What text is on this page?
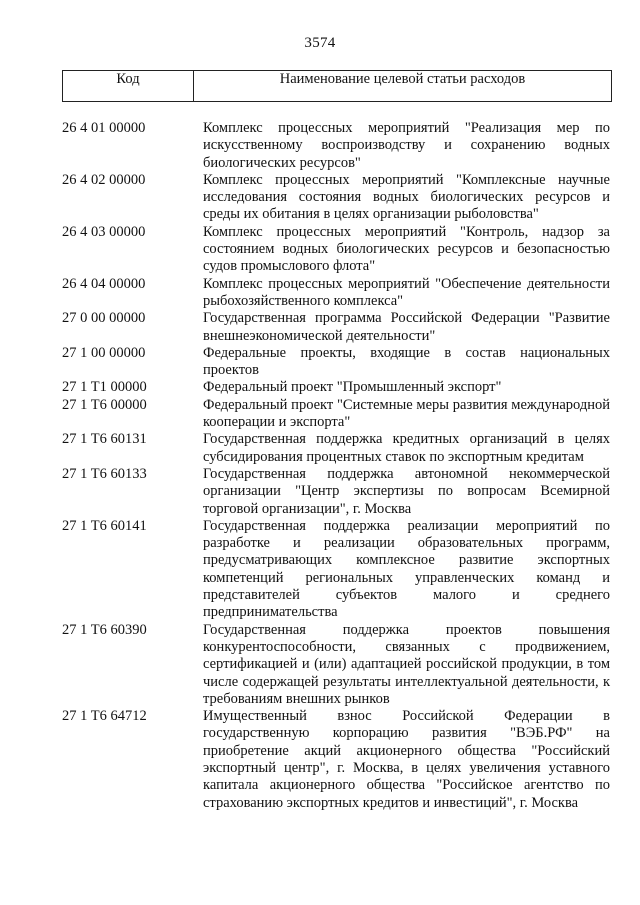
3574
Код	Наименование целевой статьи расходов
26 4 01 00000	Комплекс процессных мероприятий "Реализация мер по искусственному воспроизводству и сохранению водных биологических ресурсов"
26 4 02 00000	Комплекс процессных мероприятий "Комплексные научные исследования состояния водных биологических ресурсов и среды их обитания в целях организации рыболовства"
26 4 03 00000	Комплекс процессных мероприятий "Контроль, надзор за состоянием водных биологических ресурсов и безопасностью судов промыслового флота"
26 4 04 00000	Комплекс процессных мероприятий "Обеспечение деятельности рыбохозяйственного комплекса"
27 0 00 00000	Государственная программа Российской Федерации "Развитие внешнеэкономической деятельности"
27 1 00 00000	Федеральные проекты, входящие в состав национальных проектов
27 1 T1 00000	Федеральный проект "Промышленный экспорт"
27 1 T6 00000	Федеральный проект "Системные меры развития международной кооперации и экспорта"
27 1 T6 60131	Государственная поддержка кредитных организаций в целях субсидирования процентных ставок по экспортным кредитам
27 1 T6 60133	Государственная поддержка автономной некоммерческой организации "Центр экспертизы по вопросам Всемирной торговой организации", г. Москва
27 1 T6 60141	Государственная поддержка реализации мероприятий по разработке и реализации образовательных программ, предусматривающих комплексное развитие экспортных компетенций региональных управленческих команд и представителей субъектов малого и среднего предпринимательства
27 1 T6 60390	Государственная поддержка проектов повышения конкурентоспособности, связанных с продвижением, сертификацией и (или) адаптацией российской продукции, в том числе содержащей результаты интеллектуальной деятельности, к требованиям внешних рынков
27 1 T6 64712	Имущественный взнос Российской Федерации в государственную корпорацию развития "ВЭБ.РФ" на приобретение акций акционерного общества "Российский экспортный центр", г. Москва, в целях увеличения уставного капитала акционерного общества "Российское агентство по страхованию экспортных кредитов и инвестиций", г. Москва
